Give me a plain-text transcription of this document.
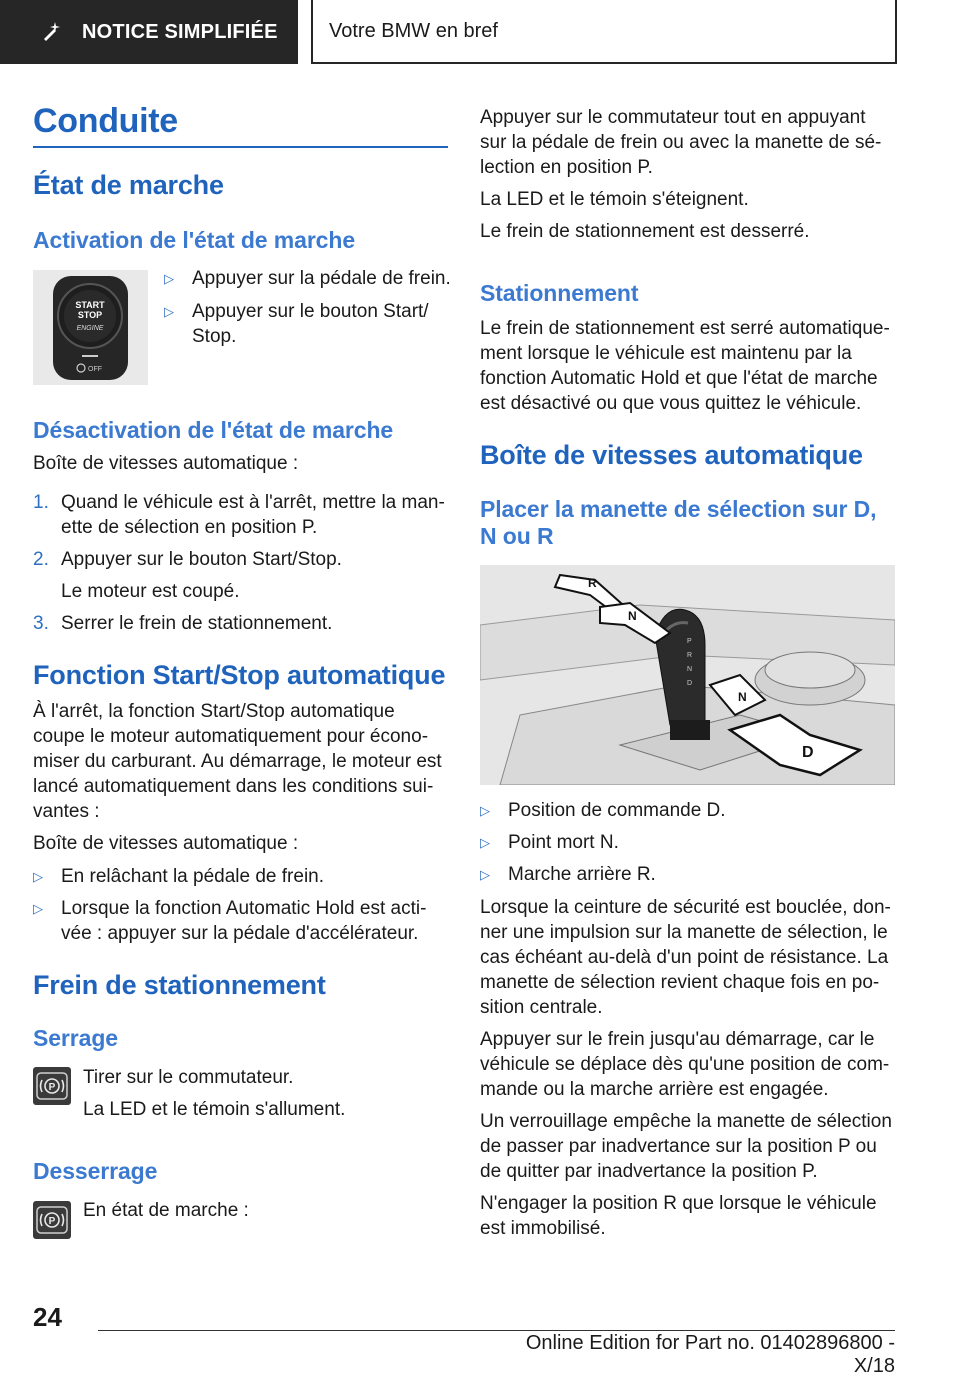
NOTICE SIMPLIFIÉE	Votre BMW en bref
Conduite
État de marche
Activation de l'état de marche
START
STOP
ENGINE
OFF
▷ Appuyer sur la pédale de frein.
▷ Appuyer sur le bouton Start/

Stop.

Désactivation de l'état de marche

Boîte de vitesses automatique :

1. Quand le véhicule est à l'arrêt, mettre la man-

ette de sélection en position P.

2. Appuyer sur le bouton Start/Stop.

Le moteur est coupé.

3. Serrer le frein de stationnement.
Fonction Start/Stop automatique

À l'arrêt, la fonction Start/Stop automatique

coupe le moteur automatiquement pour écono-

miser du carburant. Au démarrage, le moteur est

lancé automatiquement dans les conditions sui-

vantes :

Boîte de vitesses automatique :

▷ En relâchant la pédale de frein.
▷ Lorsque la fonction Automatic Hold est acti-

vée : appuyer sur la pédale d'accélérateur.

Frein de stationnement
Serrage
P Tirer sur le commutateur.

La LED et le témoin s'allument.

Desserrage
P

En état de marche :

Appuyer sur le commutateur tout en appuyant

sur la pédale de frein ou avec la manette de sé-

lection en position P.

La LED et le témoin s'éteignent.

Le frein de stationnement est desserré.

Stationnement

Le frein de stationnement est serré automatique-

ment lorsque le véhicule est maintenu par la

fonction Automatic Hold et que l'état de marche

est désactivé ou que vous quittez le véhicule.

Boîte de vitesses automatique
Placer la manette de sélection sur D,
N ou R
P
R
N
D
R
N
N
D
▷ Position de commande D.
▷ Point mort N.
▷ Marche arrière R.

Lorsque la ceinture de sécurité est bouclée, don-

ner une impulsion sur la manette de sélection, le

cas échéant au-delà d'un point de résistance. La

manette de sélection revient chaque fois en po-

sition centrale.

Appuyer sur le frein jusqu'au démarrage, car le

véhicule se déplace dès qu'une position de com-

mande ou la marche arrière est engagée.

Un verrouillage empêche la manette de sélection

de passer par inadvertance sur la position P ou

de quitter par inadvertance la position P.

N'engager la position R que lorsque le véhicule

est immobilisé.

24
Online Edition for Part no. 01402896800 - X/18
